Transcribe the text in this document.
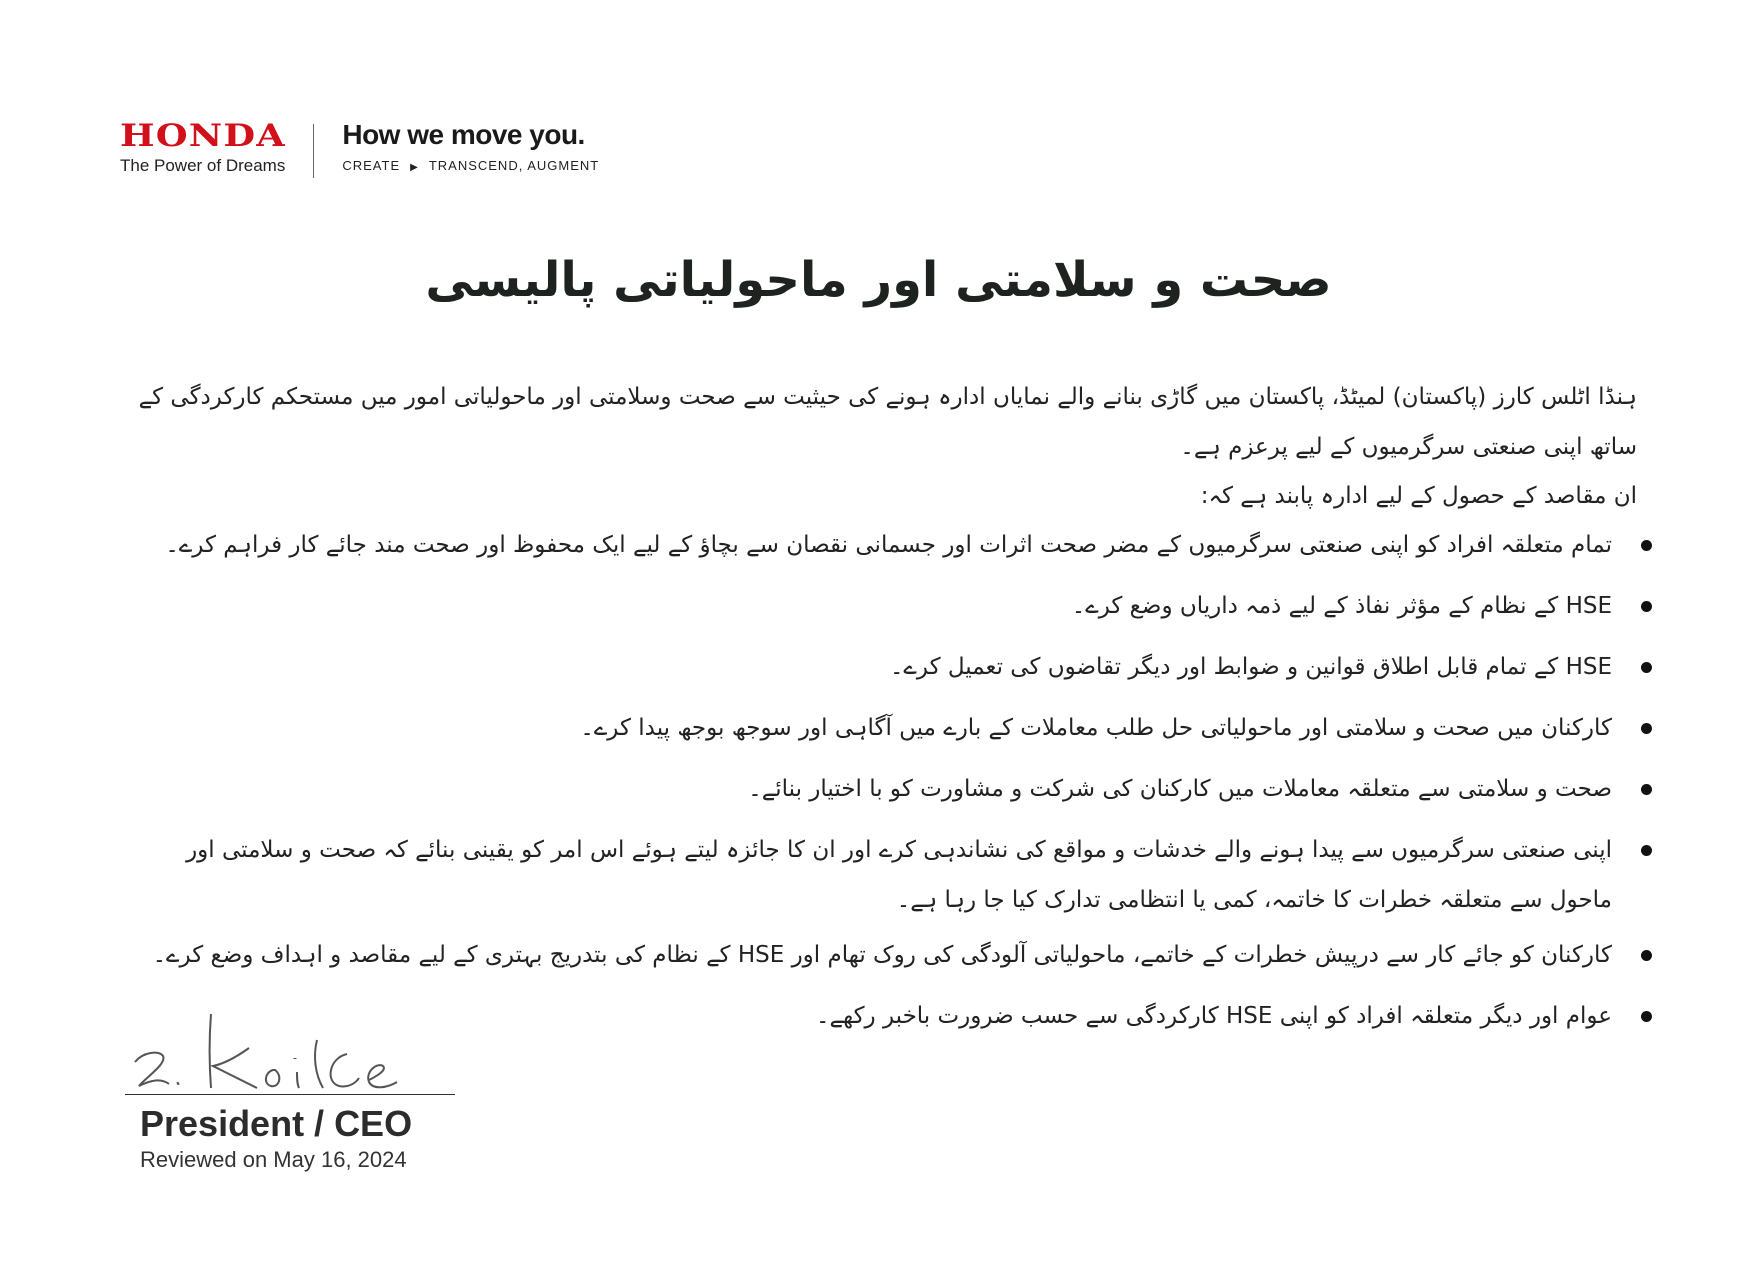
HONDA
The Power of Dreams
How we move you.
CREATE ▶ TRANSCEND, AUGMENT
صحت و سلامتی اور ماحولیاتی پالیسی
ہنڈا اٹلس کارز (پاکستان) لمیٹڈ، پاکستان میں گاڑی بنانے والے نمایاں ادارہ ہونے کی حیثیت سے صحت وسلامتی اور ماحولیاتی امور میں مستحکم کارکردگی کے ساتھ اپنی صنعتی سرگرمیوں کے لیے پرعزم ہے۔
ان مقاصد کے حصول کے لیے ادارہ پابند ہے کہ:
تمام متعلقہ افراد کو اپنی صنعتی سرگرمیوں کے مضر صحت اثرات اور جسمانی نقصان سے بچاؤ کے لیے ایک محفوظ اور صحت مند جائے کار فراہم کرے۔
HSE کے نظام کے مؤثر نفاذ کے لیے ذمہ داریاں وضع کرے۔
HSE کے تمام قابل اطلاق قوانین و ضوابط اور دیگر تقاضوں کی تعمیل کرے۔
کارکنان میں صحت و سلامتی اور ماحولیاتی حل طلب معاملات کے بارے میں آگاہی اور سوجھ بوجھ پیدا کرے۔
صحت و سلامتی سے متعلقہ معاملات میں کارکنان کی شرکت و مشاورت کو با اختیار بنائے۔
اپنی صنعتی سرگرمیوں سے پیدا ہونے والے خدشات و مواقع کی نشاندہی کرے اور ان کا جائزہ لیتے ہوئے اس امر کو یقینی بنائے کہ صحت و سلامتی اور ماحول سے متعلقہ خطرات کا خاتمہ، کمی یا انتظامی تدارک کیا جا رہا ہے۔
کارکنان کو جائے کار سے درپیش خطرات کے خاتمے، ماحولیاتی آلودگی کی روک تھام اور HSE کے نظام کی بتدریج بہتری کے لیے مقاصد و اہداف وضع کرے۔
عوام اور دیگر متعلقہ افراد کو اپنی HSE کارکردگی سے حسب ضرورت باخبر رکھے۔
President / CEO
Reviewed on May 16, 2024
